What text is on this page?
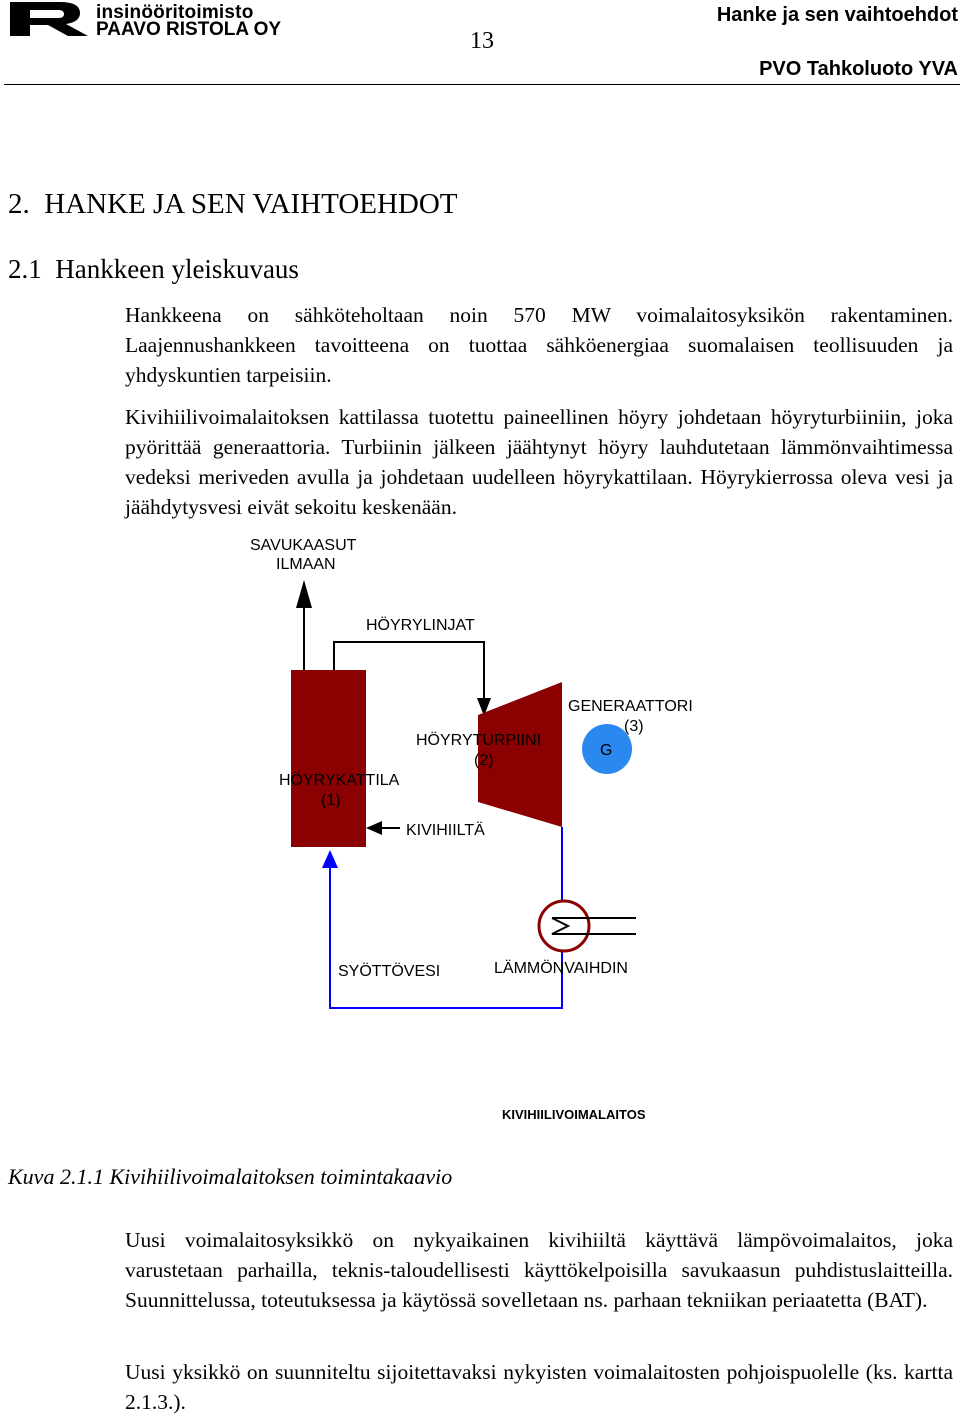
insinööritoimisto
PAAVO RISTOLA OY	13
Hanke ja sen vaihtoehdot
PVO Tahkoluoto YVA
2.  HANKE JA SEN VAIHTOEHDOT
2.1  Hankkeen yleiskuvaus

Hankkeena on sähköteholtaan noin 570 MW voimalaitosyksikön rakentaminen. Laajennushankkeen tavoitteena on tuottaa sähköenergiaa suomalaisen teollisuuden ja yhdyskuntien tarpeisiin.

Kivihiilivoimalaitoksen kattilassa tuotettu paineellinen höyry johdetaan höyryturbiiniin, joka pyörittää generaattoria. Turbiinin jälkeen jäähtynyt höyry lauhdutetaan lämmönvaihtimessa vedeksi meriveden avulla ja johdetaan uudelleen höyrykattilaan. Höyrykierrossa oleva vesi ja jäähdytysvesi eivät sekoitu keskenään.

SAVUKAASUT
ILMAAN
HÖYRYLINJAT
HÖYRYKATTILA
(1)
HÖYRYTURPIINI
(2)
G
GENERAATTORI
(3)
KIVIHIILTÄ
SYÖTTÖVESI	LÄMMÖNVAIHDIN
KIVIHIILIVOIMALAITOS
Kuva 2.1.1 Kivihiilivoimalaitoksen toimintakaavio

Uusi voimalaitosyksikkö on nykyaikainen kivihiiltä käyttävä lämpövoimalaitos, joka varustetaan parhailla, teknis-taloudellisesti käyttökelpoisilla savukaasun puhdistuslaitteilla. Suunnittelussa, toteutuksessa ja käytössä sovelletaan ns. parhaan tekniikan periaatetta (BAT).

Uusi yksikkö on suunniteltu sijoitettavaksi nykyisten voimalaitosten pohjoispuolelle (ks. kartta 2.1.3.).
